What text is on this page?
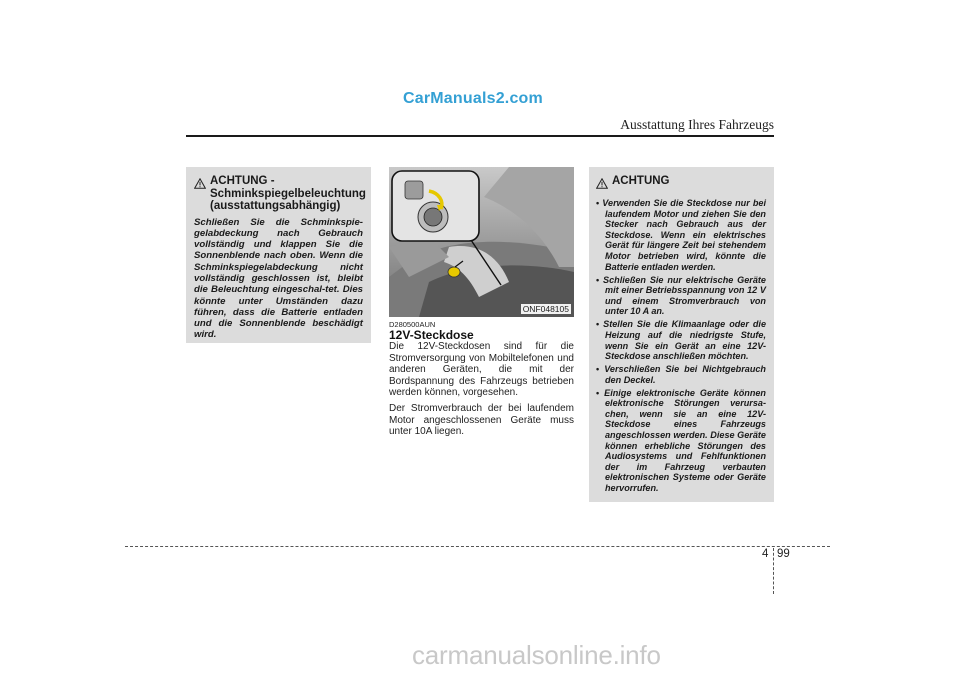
CarManuals2.com
Ausstattung Ihres Fahrzeugs
ACHTUNG - Schminkspiegelbeleuchtung (ausstattungsabhängig)
Schließen Sie die Schminkspie-gelabdeckung nach Gebrauch vollständig und klappen Sie die Sonnenblende nach oben. Wenn die Schminkspiegelabdeckung nicht vollständig geschlossen ist, bleibt die Beleuchtung eingeschal-tet. Dies könnte unter Umständen dazu führen, dass die Batterie entladen und die Sonnenblende beschädigt wird.
ONF048105
D280500AUN
12V-Steckdose

Die 12V-Steckdosen sind für die Stromversorgung von Mobiltelefonen und anderen Geräten, die mit der Bordspannung des Fahrzeugs betrieben werden können, vorgesehen.

Der Stromverbrauch der bei laufendem Motor angeschlossenen Geräte muss unter 10A liegen.

ACHTUNG
• Verwenden Sie die Steckdose nur bei laufendem Motor und ziehen Sie den Stecker nach Gebrauch aus der Steckdose. Wenn ein elektrisches Gerät für längere Zeit bei stehendem Motor betrieben wird, könnte die Batterie entladen werden.
• Schließen Sie nur elektrische Geräte mit einer Betriebsspannung von 12 V und einem Stromverbrauch von unter 10 A an.
• Stellen Sie die Klimaanlage oder die Heizung auf die niedrigste Stufe, wenn Sie ein Gerät an eine 12V-Steckdose anschließen möchten.
• Verschließen Sie bei Nichtgebrauch den Deckel.
• Einige elektronische Geräte können elektronische Störungen verursa-chen, wenn sie an eine 12V-Steckdose eines Fahrzeugs angeschlossen werden. Diese Geräte können erhebliche Störungen des Audiosystems und Fehlfunktionen der im Fahrzeug verbauten elektronischen Systeme oder Geräte hervorrufen.
4 99
carmanualsonline.info
